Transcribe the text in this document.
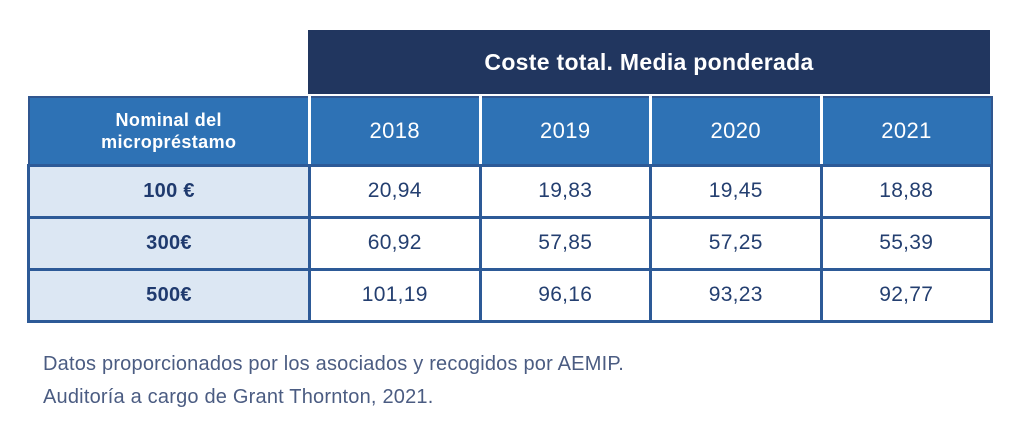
Coste total. Media ponderada
Nominal del micropréstamo	2018	2019	2020	2021
100 €	20,94	19,83	19,45	18,88
300€	60,92	57,85	57,25	55,39
500€	101,19	96,16	93,23	92,77
Datos proporcionados por los asociados y recogidos por AEMIP.
Auditoría a cargo de Grant Thornton, 2021.
